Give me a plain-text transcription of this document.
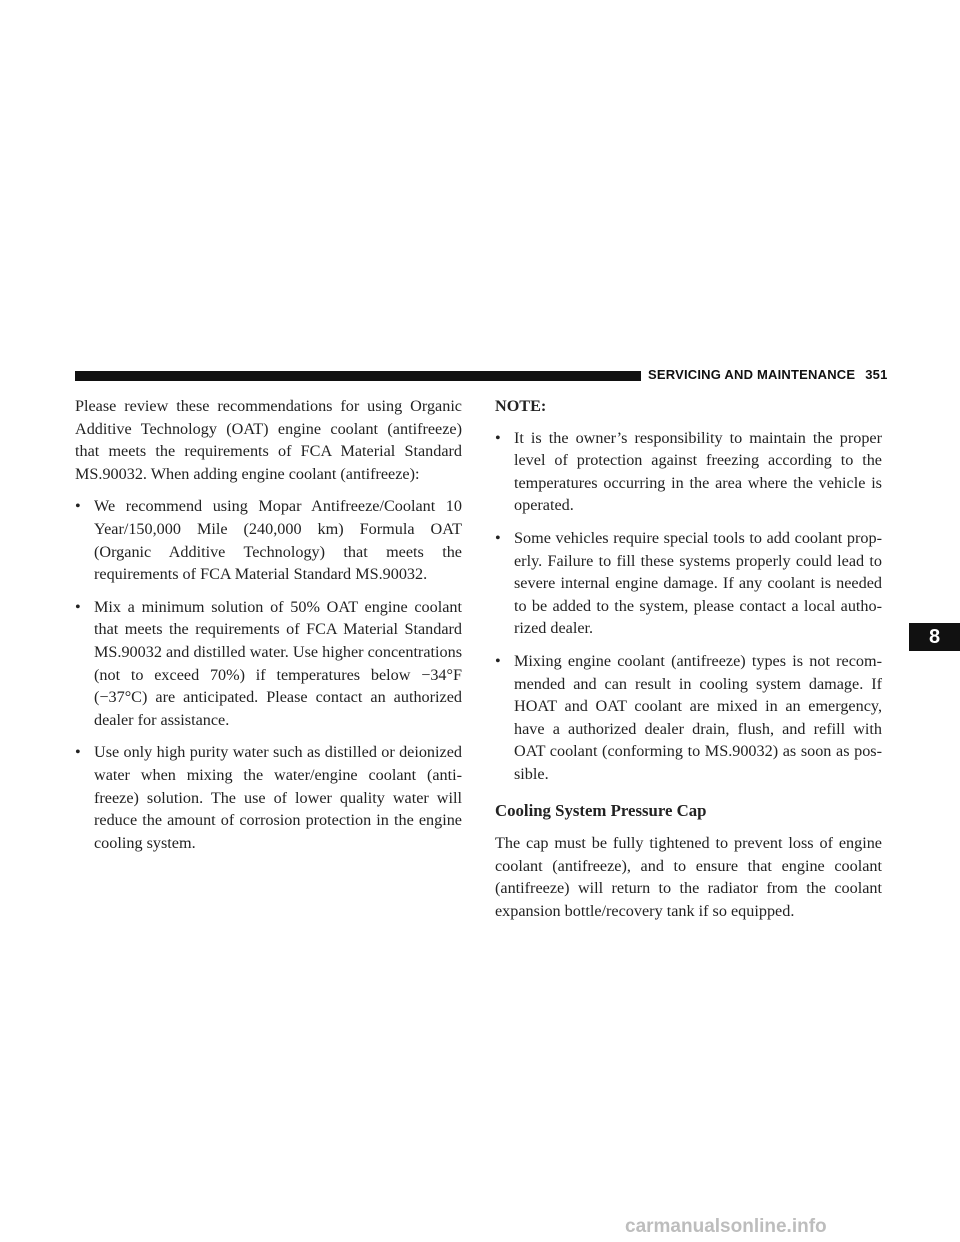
SERVICING AND MAINTENANCE 351

Please review these recommendations for using Organic Additive Technology (OAT) engine coolant (antifreeze) that meets the requirements of FCA Material Standard MS.90032. When adding engine coolant (antifreeze):

• We recommend using Mopar Antifreeze/Coolant 10 Year/150,000 Mile (240,000 km) Formula OAT (Organic Additive Technology) that meets the requirements of FCA Material Standard MS.90032.
• Mix a minimum solution of 50% OAT engine coolant that meets the requirements of FCA Material Standard MS.90032 and distilled water. Use higher concentrations (not to exceed 70%) if temperatures below −34°F (−37°C) are anticipated. Please contact an authorized dealer for assistance.
• Use only high purity water such as distilled or deionized water when mixing the water/engine coolant (anti-freeze) solution. The use of lower quality water will reduce the amount of corrosion protection in the engine cooling system.

NOTE:

• It is the owner’s responsibility to maintain the proper level of protection against freezing according to the temperatures occurring in the area where the vehicle is operated.
• Some vehicles require special tools to add coolant prop-erly. Failure to fill these systems properly could lead to severe internal engine damage. If any coolant is needed to be added to the system, please contact a local autho-rized dealer.
• Mixing engine coolant (antifreeze) types is not recom-mended and can result in cooling system damage. If HOAT and OAT coolant are mixed in an emergency, have a authorized dealer drain, flush, and refill with OAT coolant (conforming to MS.90032) as soon as pos-sible.

Cooling System Pressure Cap

The cap must be fully tightened to prevent loss of engine coolant (antifreeze), and to ensure that engine coolant (antifreeze) will return to the radiator from the coolant expansion bottle/recovery tank if so equipped.

8
carmanualsonline.info
